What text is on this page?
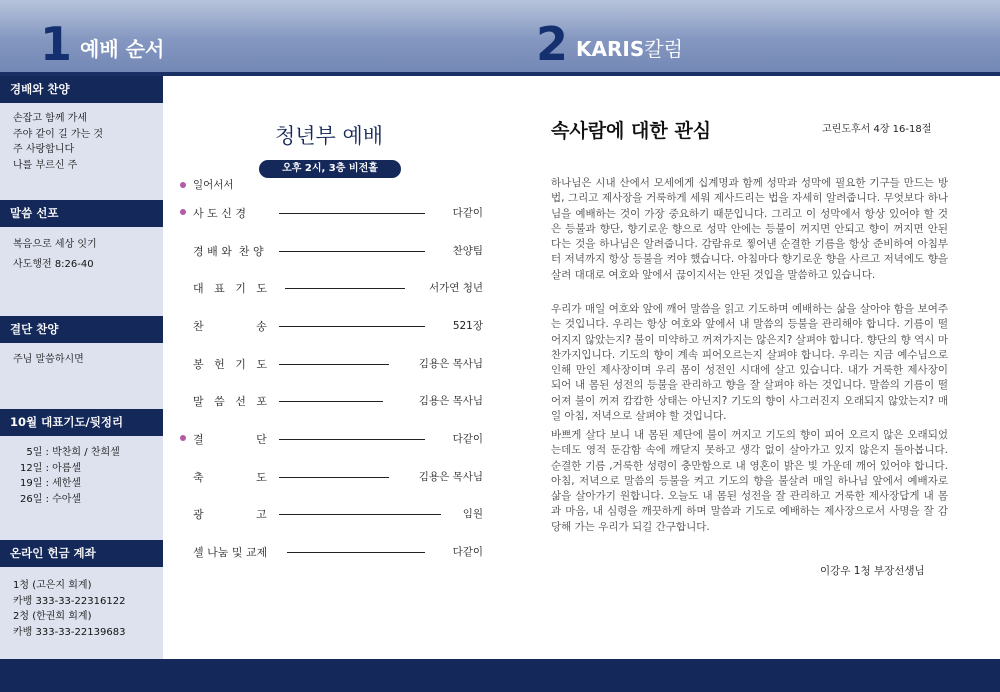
1 예배 순서	2 KARIS칼럼
경배와 찬양
손잡고 함께 가세
주야 같이 길 가는 것
주 사랑합니다
나를 부르신 주
말씀 선포
복음으로 세상 잇기
사도행전 8:26-40
결단 찬양
주님 말씀하시면
10월 대표기도/뒷정리
5일 : 박찬희 / 찬희셀
12일 : 아름셀
19일 : 세한셀
26일 : 수아셀
온라인 헌금 계좌
1청 (고은지 회계)
카뱅 333-33-22316122
2청 (한권희 회계)
카뱅 333-33-22139683
청년부 예배
오후 2시, 3층 비전홀
일어서서
사 도 신 경	다같이
경 배 와  찬 양	찬양팀
대   표   기   도	서가연 청년
찬               송	521장
봉   헌   기   도	김용은 목사님
말   씀   선   포	김용은 목사님
결               단	다같이
축               도	김용은 목사님
광               고	임원
셀 나눔 및 교제	다같이
속사람에 대한 관심	고린도후서 4장 16-18절
하나님은 시내 산에서 모세에게 십계명과 함께 성막과 성막에 필요한 기구들 만드는 방법, 그리고 제사장을 거룩하게 세워 제사드리는 법을 자세히 알려줍니다. 무엇보다 하나님을 예배하는 것이 가장 중요하기 때문입니다. 그리고 이 성막에서 항상 있어야 할 것은 등불과 향단, 향기로운 향으로 성막 안에는 등불이 꺼지면 안되고 향이 꺼지면 안된다는 것을 하나님은 알려줍니다. 감람유로 찧어낸 순결한 기름을 항상 준비하여 아침부터 저녁까지 항상 등불을 켜야 했습니다. 아침마다 향기로운 향을 사르고 저녁에도 향을 살려 대대로 여호와 앞에서 끊이지서는 안된 것입을 말씀하고 있습니다.
우리가 매일 여호와 앞에 깨어 말씀을 읽고 기도하며 예배하는 삶을 살아야 함을 보여주는 것입니다. 우리는 항상 여호와 앞에서 내 말씀의 등불을 관리해야 합니다. 기름이 떨어지지 않았는지? 불이 미약하고 꺼져가지는 않은지? 살펴야 합니다. 향단의 향 역시 마찬가지입니다. 기도의 향이 계속 피어오르는지 살펴야 합니다. 우리는 지금 예수님으로 인해 만인 제사장이며 우리 몸이 성전인 시대에 살고 있습니다. 내가 거룩한 제사장이 되어 내 몸된 성전의 등불을 관리하고 향을 잘 살펴야 하는 것입니다. 말씀의 기름이 떨어져 불이 꺼져 캄캄한 상태는 아닌지? 기도의 향이 사그러진지 오래되지 않았는지? 매일 아침, 저녁으로 살펴야 할 것입니다.
바쁘게 살다 보니 내 몸된 제단에 불이 꺼지고 기도의 향이 피어 오르지 않은 오래되었는데도 영적 둔감함 속에 깨닫지 못하고 생각 없이 살아가고 있지 않은지 돌아봅니다. 순결한 기름 ,거룩한 성령이 충만함으로 내 영혼이 밝은 빛 가운데 깨어 있어야 합니다. 아침, 저녁으로 말씀의 등불을 켜고 기도의 향을 불살려 매일 하나님 앞에서 예배자로 삶을 살아가기 원합니다. 오늘도 내 몸된 성전을 잘 관리하고 거룩한 제사장답게 내 몸과 마음, 내 심령을 깨끗하게 하며 말씀과 기도로 예배하는 제사장으로서 사명을 잘 감당해 가는 우리가 되길 간구합니다.
이강우 1청 부장선생님
